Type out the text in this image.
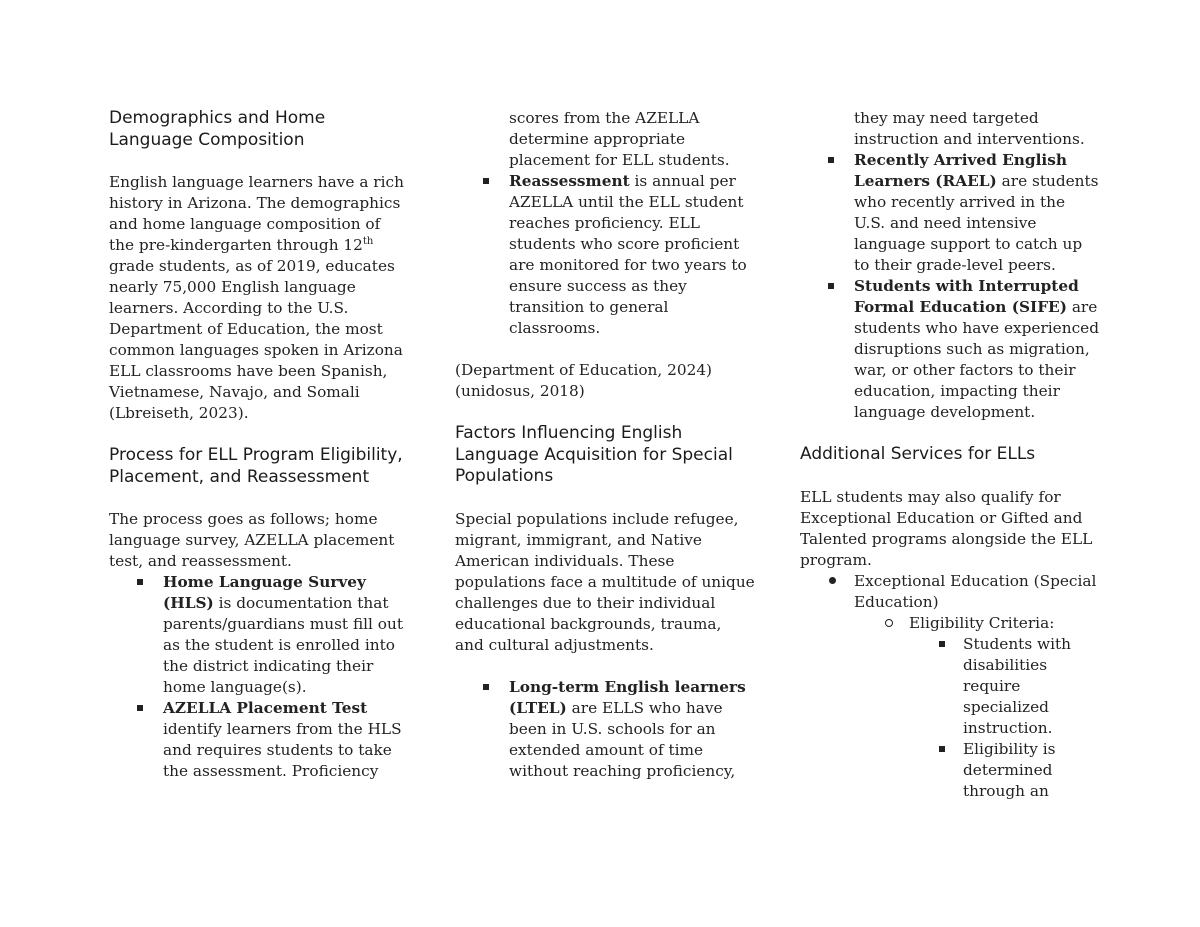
Demographics and Home Language Composition

English language learners have a rich history in Arizona. The demographics and home language composition of the pre-kindergarten through 12th grade students, as of 2019, educates nearly 75,000 English language learners. According to the U.S. Department of Education, the most common languages spoken in Arizona ELL classrooms have been Spanish, Vietnamese, Navajo, and Somali (Lbreiseth, 2023).

Process for ELL Program Eligibility, Placement, and Reassessment

The process goes as follows; home language survey, AZELLA placement test, and reassessment.

Home Language Survey (HLS) is documentation that parents/guardians must fill out as the student is enrolled into the district indicating their home language(s).
AZELLA Placement Test identify learners from the HLS and requires students to take the assessment. Proficiency

scores from the AZELLA determine appropriate placement for ELL students.

Reassessment is annual per AZELLA until the ELL student reaches proficiency. ELL students who score proficient are monitored for two years to ensure success as they transition to general classrooms.

(Department of Education, 2024)

(unidosus, 2018)

Factors Influencing English Language Acquisition for Special Populations

Special populations include refugee, migrant, immigrant, and Native American individuals. These populations face a multitude of unique challenges due to their individual educational backgrounds, trauma, and cultural adjustments.

Long-term English learners (LTEL) are ELLS who have been in U.S. schools for an extended amount of time without reaching proficiency,

they may need targeted instruction and interventions.

Recently Arrived English Learners (RAEL) are students who recently arrived in the U.S. and need intensive language support to catch up to their grade-level peers.
Students with Interrupted Formal Education (SIFE) are students who have experienced disruptions such as migration, war, or other factors to their education, impacting their language development.
Additional Services for ELLs

ELL students may also qualify for Exceptional Education or Gifted and Talented programs alongside the ELL program.

Exceptional Education (Special Education)
Eligibility Criteria:
Students with disabilities require specialized instruction.
Eligibility is determined through an
